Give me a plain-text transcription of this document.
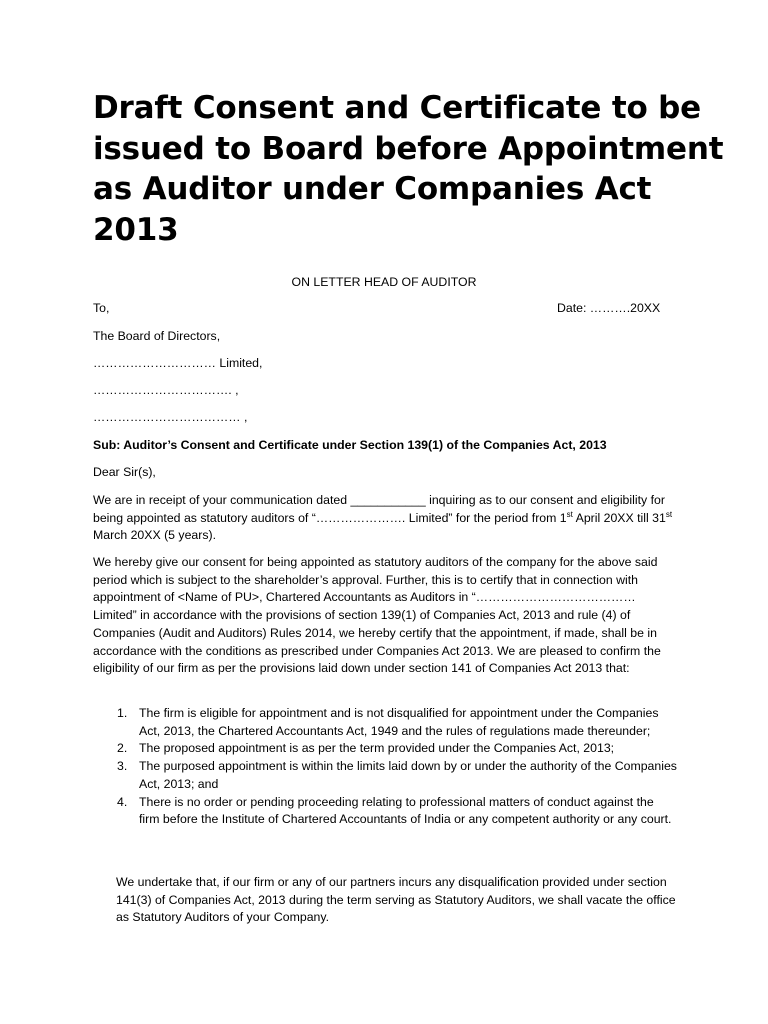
Draft Consent and Certificate to be issued to Board before Appointment as Auditor under Companies Act 2013
ON LETTER HEAD OF AUDITOR
To,	Date: ……….20XX
The Board of Directors,
………………………… Limited,
……………………………. ,
……………………………… ,
Sub: Auditor’s Consent and Certificate under Section 139(1) of the Companies Act, 2013
Dear Sir(s),

We are in receipt of your communication dated ___________ inquiring as to our consent and eligibility for being appointed as statutory auditors of “…………………. Limited” for the period from 1st April 20XX till 31st March 20XX (5 years).

We hereby give our consent for being appointed as statutory auditors of the company for the above said period which is subject to the shareholder’s approval. Further, this is to certify that in connection with appointment of <Name of PU>, Chartered Accountants as Auditors in “………………………………… Limited” in accordance with the provisions of section 139(1) of Companies Act, 2013 and rule (4) of Companies (Audit and Auditors) Rules 2014, we hereby certify that the appointment, if made, shall be in accordance with the conditions as prescribed under Companies Act 2013. We are pleased to confirm the eligibility of our firm as per the provisions laid down under section 141 of Companies Act 2013 that:

1. The firm is eligible for appointment and is not disqualified for appointment under the Companies Act, 2013, the Chartered Accountants Act, 1949 and the rules of regulations made thereunder;
2. The proposed appointment is as per the term provided under the Companies Act, 2013;
3. The purposed appointment is within the limits laid down by or under the authority of the Companies Act, 2013; and
4. There is no order or pending proceeding relating to professional matters of conduct against the firm before the Institute of Chartered Accountants of India or any competent authority or any court.

We undertake that, if our firm or any of our partners incurs any disqualification provided under section 141(3) of Companies Act, 2013 during the term serving as Statutory Auditors, we shall vacate the office as Statutory Auditors of your Company.
